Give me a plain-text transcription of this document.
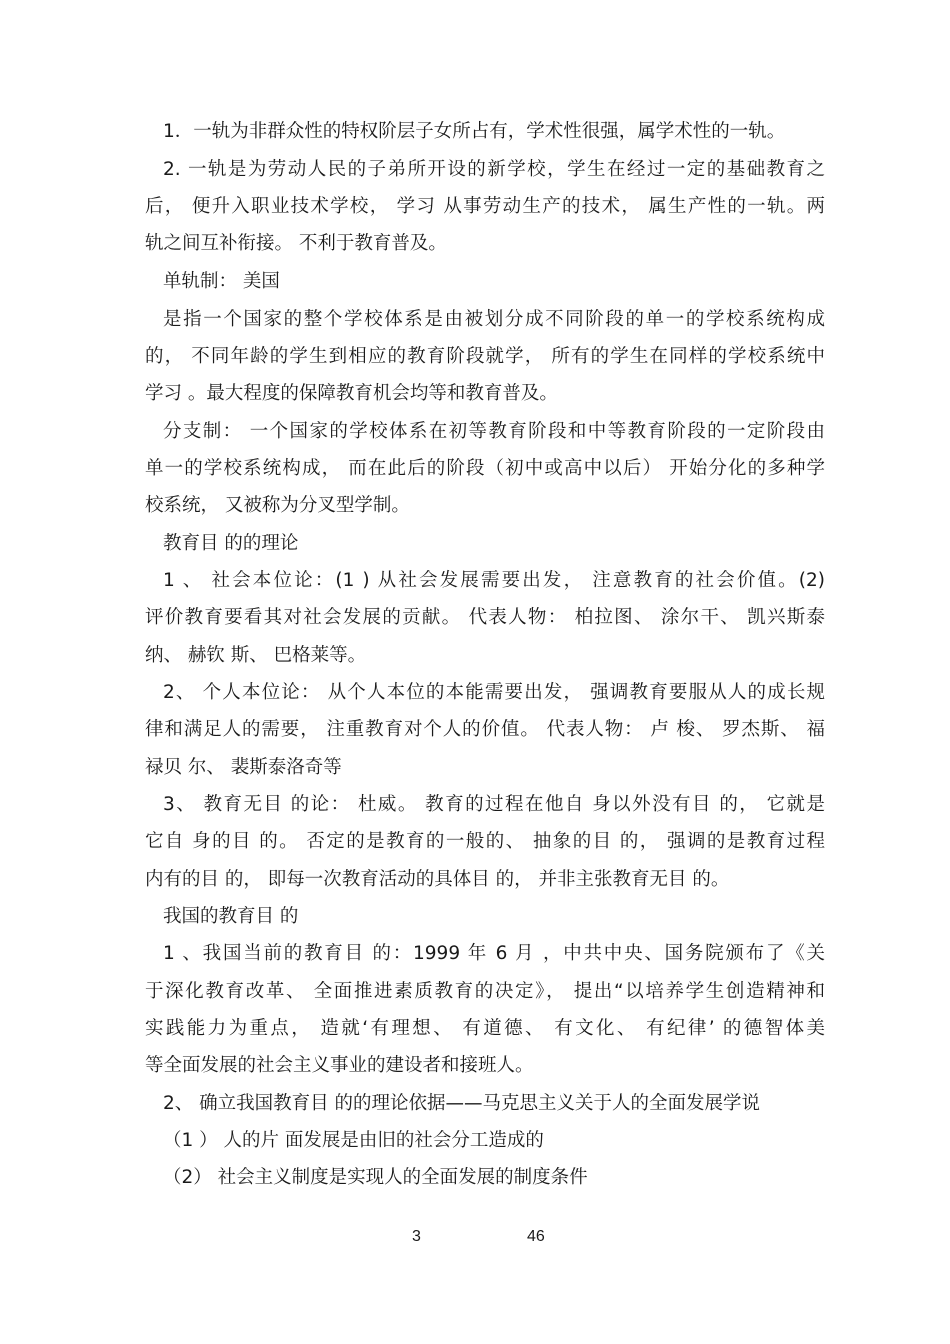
1．一轨为非群众性的特权阶层子女所占有，学术性很强，属学术性的一轨。
2. 一轨是为劳动人民的子弟所开设的新学校，学生在经过一定的基础教育之
后， 便升入职业技术学校， 学习 从事劳动生产的技术， 属生产性的一轨。两
轨之间互补衔接。 不利于教育普及。
单轨制： 美国
是指一个国家的整个学校体系是由被划分成不同阶段的单一的学校系统构成
的， 不同年龄的学生到相应的教育阶段就学， 所有的学生在同样的学校系统中
学习 。最大程度的保障教育机会均等和教育普及。
分支制： 一个国家的学校体系在初等教育阶段和中等教育阶段的一定阶段由
单一的学校系统构成， 而在此后的阶段（初中或高中以后） 开始分化的多种学
校系统， 又被称为分叉型学制。
教育目 的的理论
1 、 社会本位论：(1 ) 从社会发展需要出发， 注意教育的社会价值。(2)
评价教育要看其对社会发展的贡献。 代表人物： 柏拉图、 涂尔干、 凯兴斯泰
纳、 赫钦 斯、 巴格莱等。
2、 个人本位论： 从个人本位的本能需要出发， 强调教育要服从人的成长规
律和满足人的需要， 注重教育对个人的价值。 代表人物： 卢 梭、 罗杰斯、 福
禄贝 尔、 裴斯泰洛奇等
3、 教育无目 的论： 杜威。 教育的过程在他自 身以外没有目 的， 它就是
它自 身的目 的。 否定的是教育的一般的、 抽象的目 的， 强调的是教育过程
内有的目 的， 即每一次教育活动的具体目 的， 并非主张教育无目 的。
我国的教育目 的
1 、我国当前的教育目 的：1999 年 6 月 ，中共中央、国务院颁布了《关
于深化教育改革、 全面推进素质教育的决定》， 提出“以培养学生创造精神和
实践能力为重点， 造就‘有理想、 有道德、 有文化、 有纪律’ 的德智体美
等全面发展的社会主义事业的建设者和接班人。
2、 确立我国教育目 的的理论依据——马克思主义关于人的全面发展学说
（1 ） 人的片 面发展是由旧的社会分工造成的
（2） 社会主义制度是实现人的全面发展的制度条件
3	46
